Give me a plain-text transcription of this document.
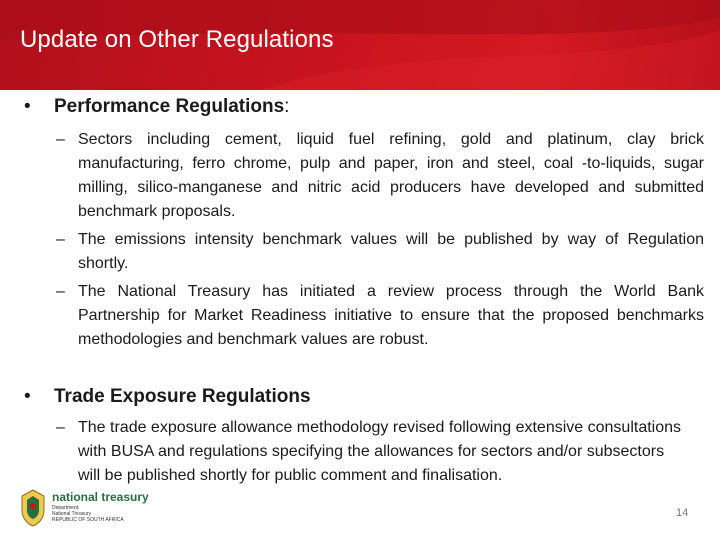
Update on Other Regulations
• Performance Regulations:
– Sectors including cement, liquid fuel refining, gold and platinum, clay brick manufacturing, ferro chrome, pulp and paper, iron and steel, coal -to-liquids, sugar milling, silico-manganese and nitric acid producers have developed and submitted benchmark proposals.
– The emissions intensity benchmark values will be published by way of Regulation shortly.
– The National Treasury has initiated a review process through the World Bank Partnership for Market Readiness initiative to ensure that the proposed benchmarks methodologies and benchmark values are robust.
• Trade Exposure Regulations
– The trade exposure allowance methodology revised following extensive consultations with BUSA and regulations specifying the allowances for sectors and/or subsectors will be published shortly for public comment and finalisation.
national treasury
Department:
National Treasury
REPUBLIC OF SOUTH AFRICA
14
